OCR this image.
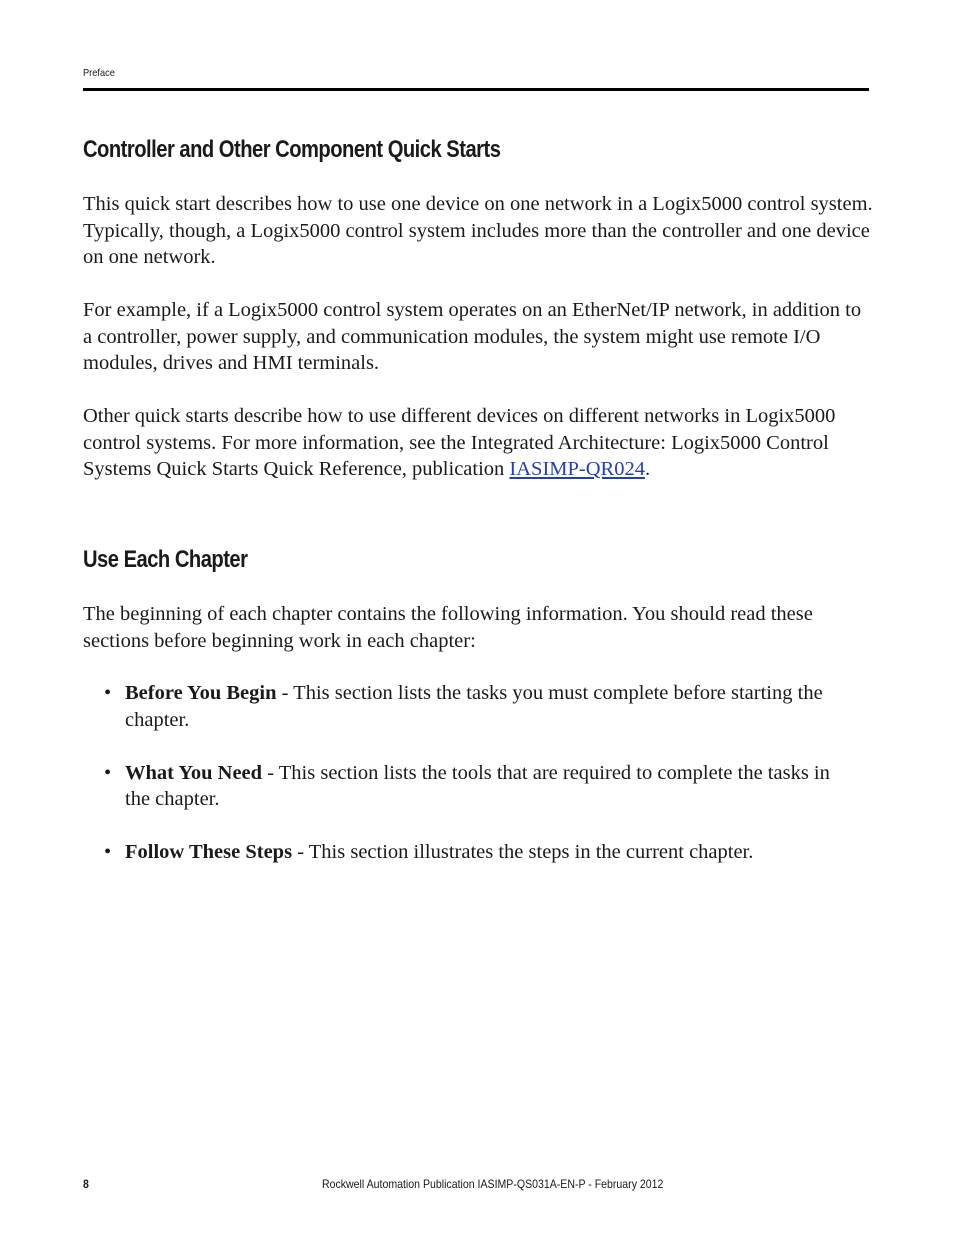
Preface
Controller and Other Component Quick Starts

This quick start describes how to use one device on one network in a Logix5000 control system. Typically, though, a Logix5000 control system includes more than the controller and one device on one network.

For example, if a Logix5000 control system operates on an EtherNet/IP network, in addition to a controller, power supply, and communication modules, the system might use remote I/O modules, drives and HMI terminals.

Other quick starts describe how to use different devices on different networks in Logix5000 control systems. For more information, see the Integrated Architecture: Logix5000 Control Systems Quick Starts Quick Reference, publication IASIMP-QR024.

Use Each Chapter

The beginning of each chapter contains the following information. You should read these sections before beginning work in each chapter:

• Before You Begin - This section lists the tasks you must complete before starting the chapter.
• What You Need - This section lists the tools that are required to complete the tasks in the chapter.
• Follow These Steps - This section illustrates the steps in the current chapter.
8	Rockwell Automation Publication IASIMP-QS031A-EN-P - February 2012
